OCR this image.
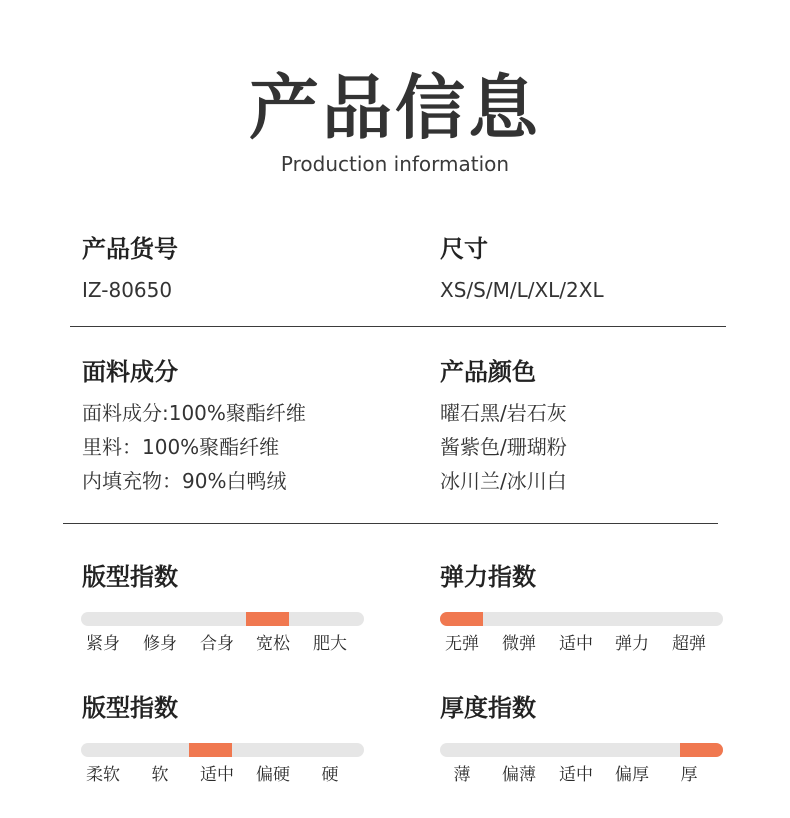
产品信息
Production information
产品货号
IZ-80650
尺寸
XS/S/M/L/XL/2XL
面料成分
面料成分:100%聚酯纤维
里料：100%聚酯纤维
内填充物：90%白鸭绒
产品颜色
曜石黑/岩石灰
酱紫色/珊瑚粉
冰川兰/冰川白
版型指数
紧身 修身 合身 宽松 肥大
弹力指数
无弹 微弹 适中 弹力 超弹
版型指数
柔软 软 适中 偏硬 硬
厚度指数
薄 偏薄 适中 偏厚 厚
